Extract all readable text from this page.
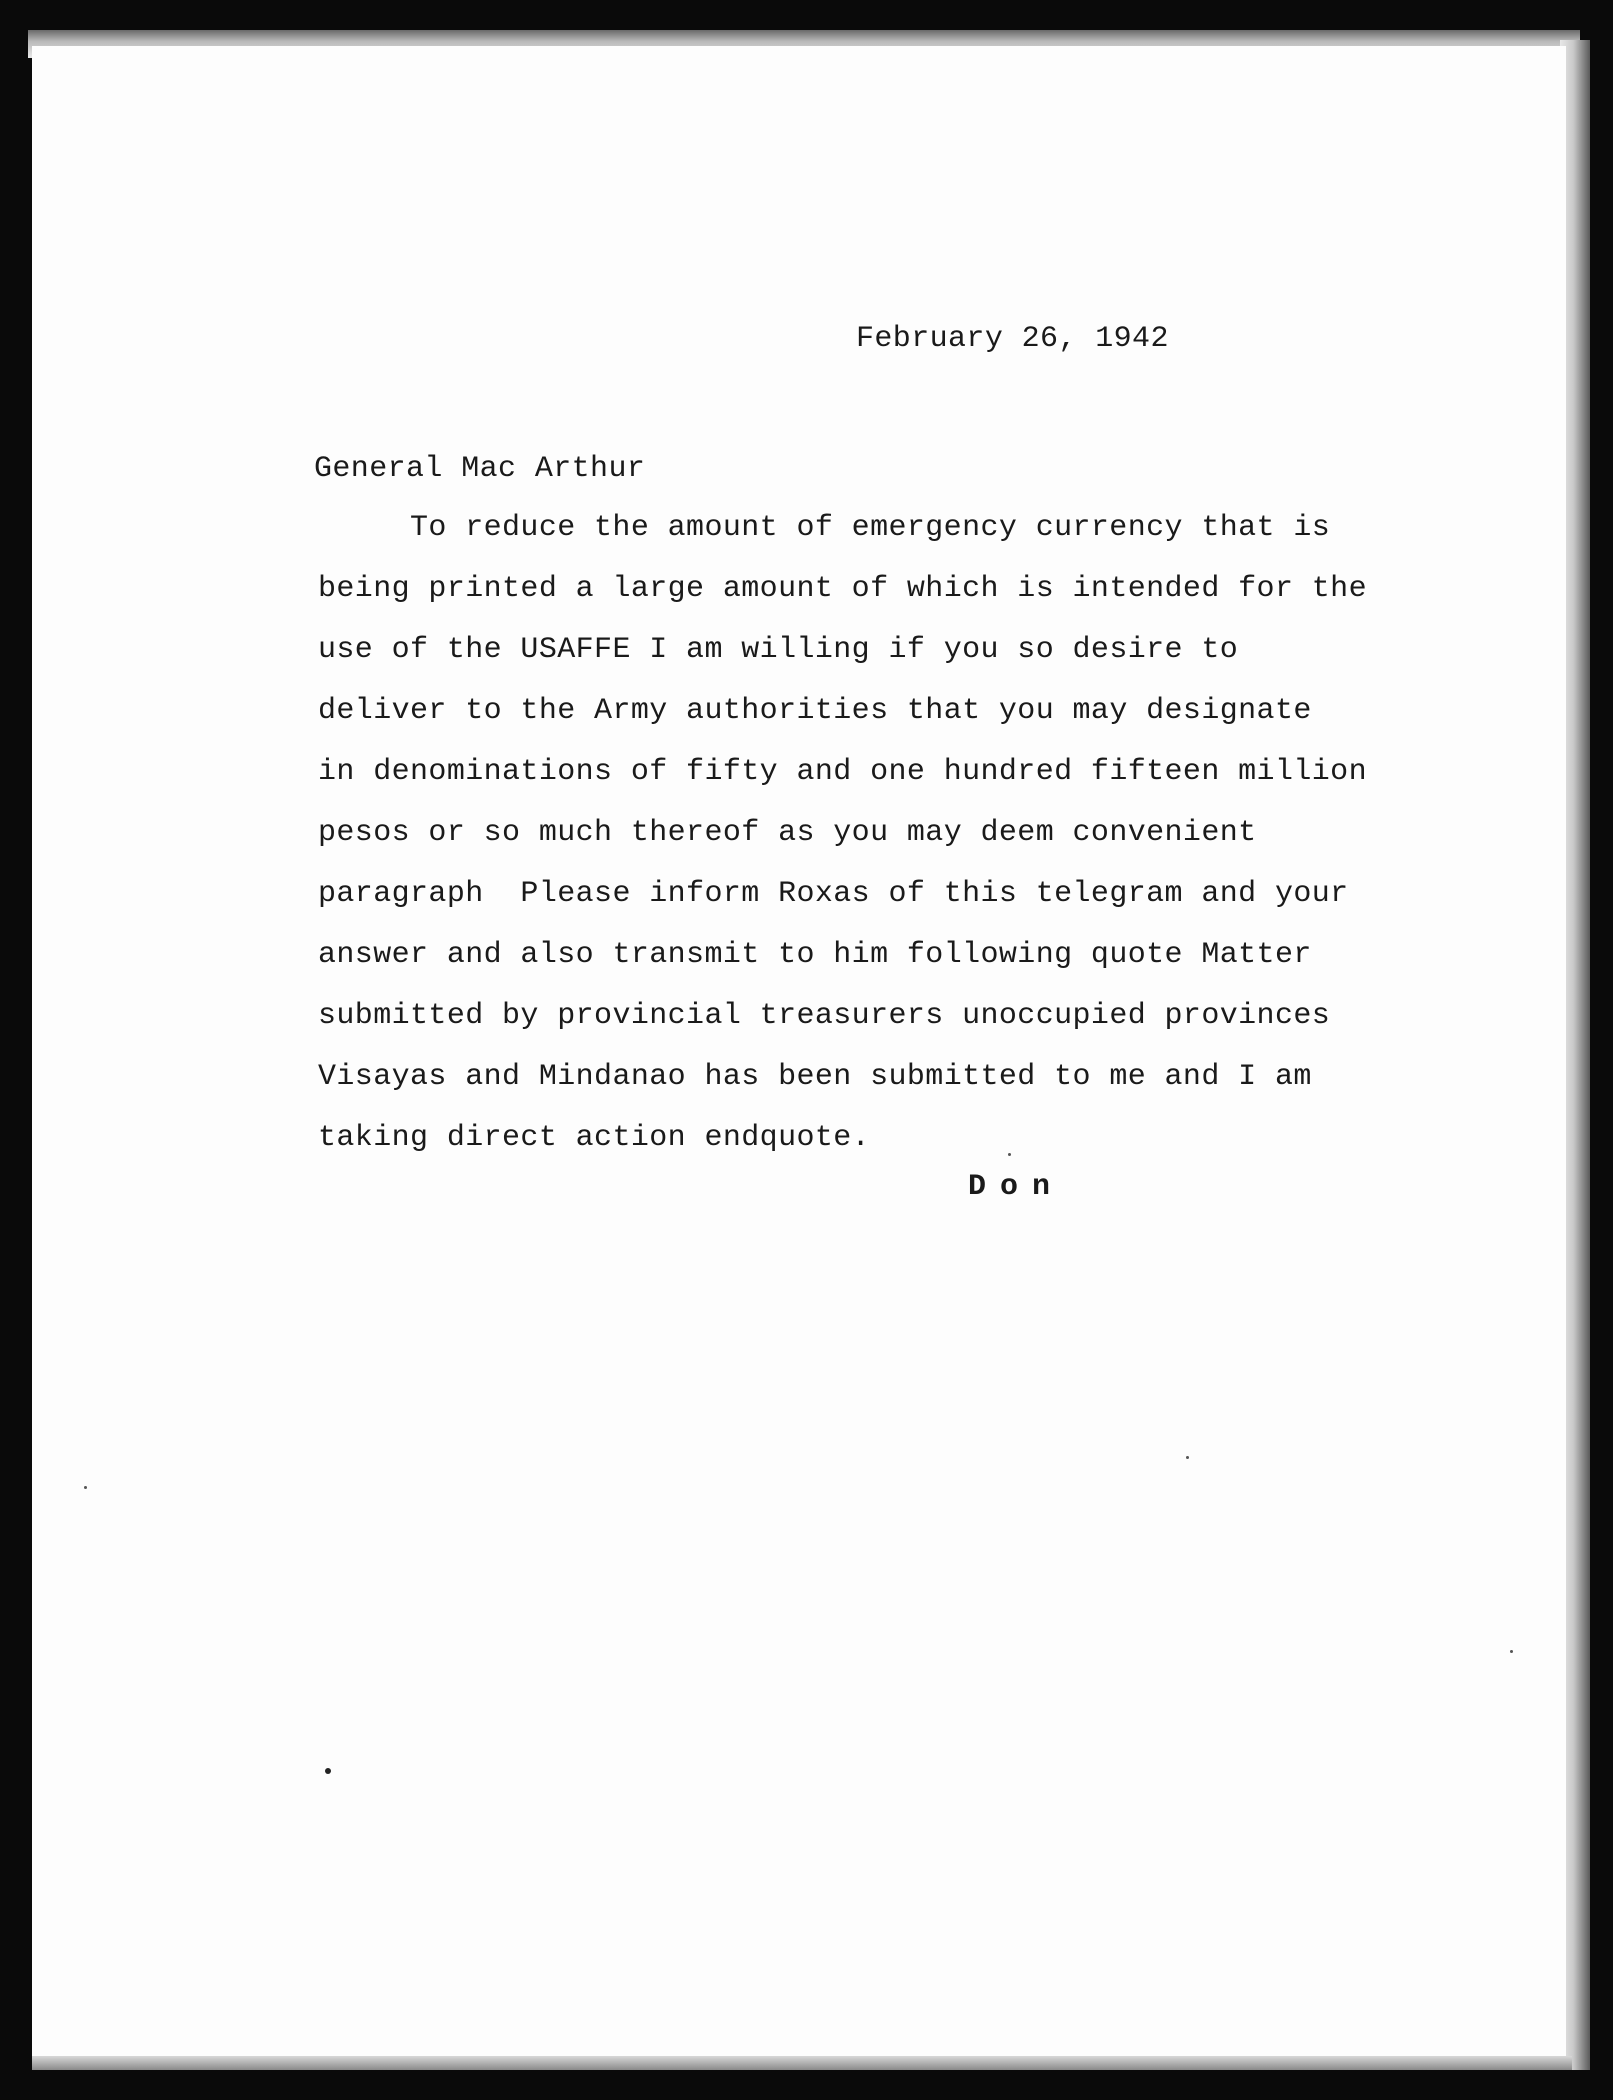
February 26, 1942
General Mac Arthur
To reduce the amount of emergency currency that is
being printed a large amount of which is intended for the
use of the USAFFE I am willing if you so desire to
deliver to the Army authorities that you may designate
in denominations of fifty and one hundred fifteen million
pesos or so much thereof as you may deem convenient
paragraph  Please inform Roxas of this telegram and your
answer and also transmit to him following quote Matter
submitted by provincial treasurers unoccupied provinces
Visayas and Mindanao has been submitted to me and I am
taking direct action endquote.
Don
